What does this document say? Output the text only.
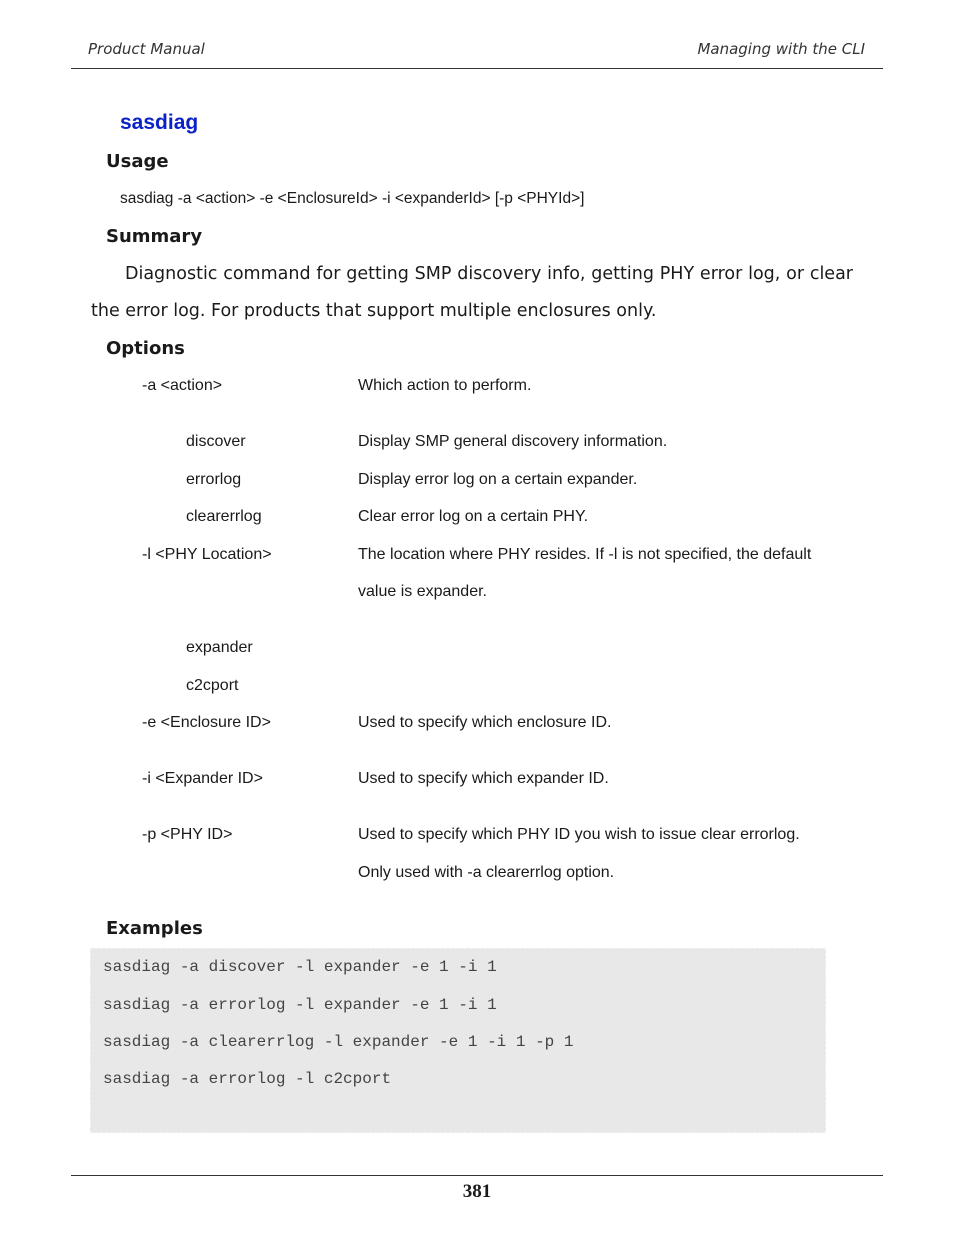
Product Manual	Managing with the CLI
sasdiag
Usage
sasdiag -a <action> -e <EnclosureId> -i <expanderId> [-p <PHYId>]
Summary
Diagnostic command for getting SMP discovery info, getting PHY error log, or clear the error log. For products that support multiple enclosures only.
Options
-a <action>	Which action to perform.
discover	Display SMP general discovery information.
errorlog	Display error log on a certain expander.
clearerrlog	Clear error log on a certain PHY.
-l <PHY Location>	The location where PHY resides. If -l is not specified, the default
value is expander.
expander
c2cport
-e <Enclosure ID>	Used to specify which enclosure ID.
-i <Expander ID>	Used to specify which expander ID.
-p <PHY ID>	Used to specify which PHY ID you wish to issue clear errorlog.
Only used with -a clearerrlog option.
Examples
sasdiag -a discover -l expander -e 1 -i 1
sasdiag -a errorlog -l expander -e 1 -i 1
sasdiag -a clearerrlog -l expander -e 1 -i 1 -p 1
sasdiag -a errorlog -l c2cport
381
